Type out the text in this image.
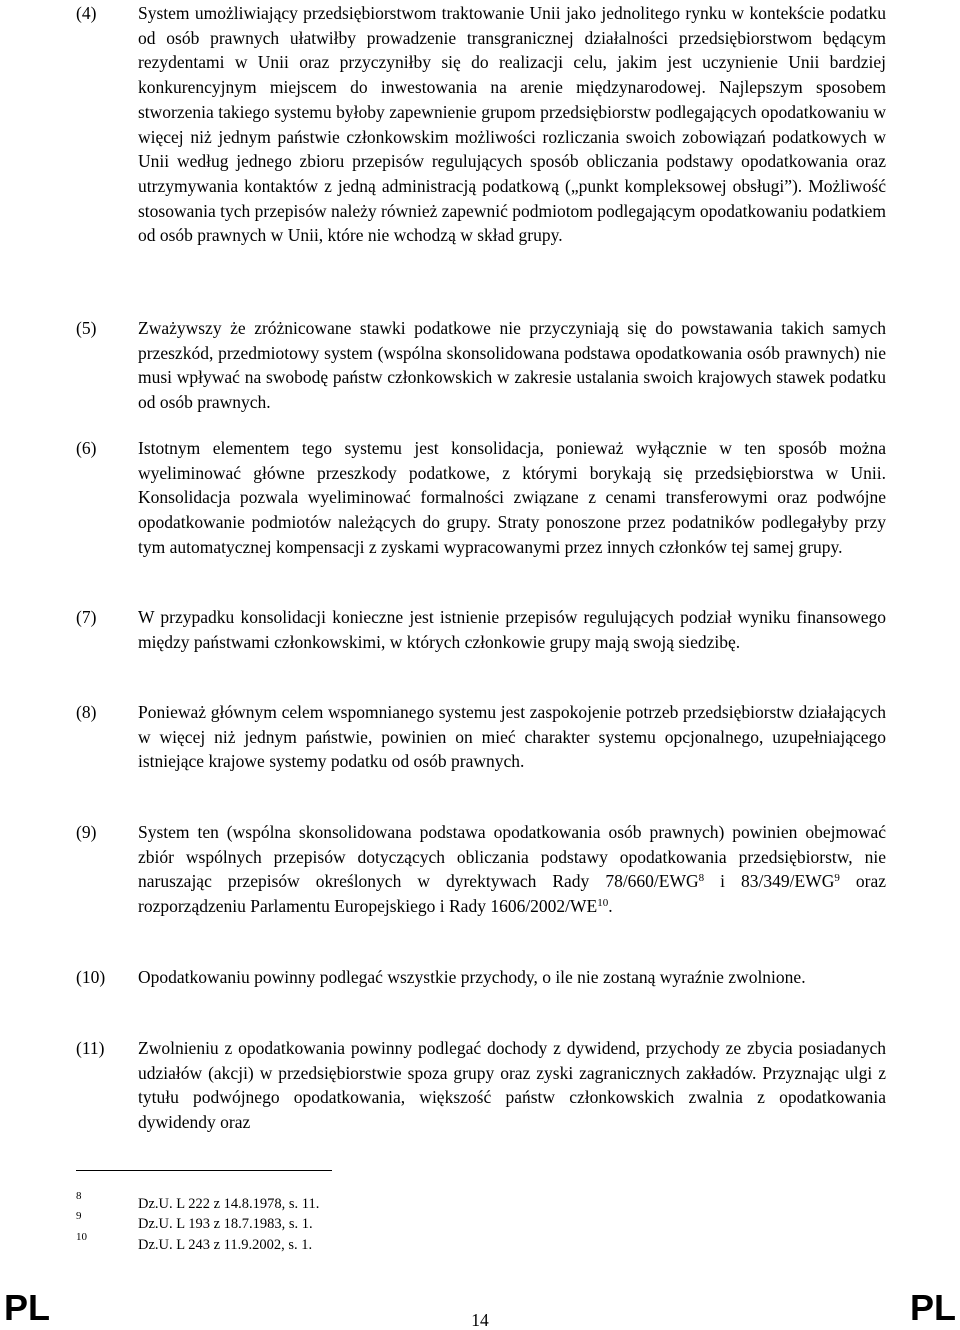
(4) System umożliwiający przedsiębiorstwom traktowanie Unii jako jednolitego rynku w kontekście podatku od osób prawnych ułatwiłby prowadzenie transgranicznej działalności przedsiębiorstwom będącym rezydentami w Unii oraz przyczyniłby się do realizacji celu, jakim jest uczynienie Unii bardziej konkurencyjnym miejscem do inwestowania na arenie międzynarodowej. Najlepszym sposobem stworzenia takiego systemu byłoby zapewnienie grupom przedsiębiorstw podlegających opodatkowaniu w więcej niż jednym państwie członkowskim możliwości rozliczania swoich zobowiązań podatkowych w Unii według jednego zbioru przepisów regulujących sposób obliczania podstawy opodatkowania oraz utrzymywania kontaktów z jedną administracją podatkową („punkt kompleksowej obsługi”). Możliwość stosowania tych przepisów należy również zapewnić podmiotom podlegającym opodatkowaniu podatkiem od osób prawnych w Unii, które nie wchodzą w skład grupy.
(5) Zważywszy że zróżnicowane stawki podatkowe nie przyczyniają się do powstawania takich samych przeszkód, przedmiotowy system (wspólna skonsolidowana podstawa opodatkowania osób prawnych) nie musi wpływać na swobodę państw członkowskich w zakresie ustalania swoich krajowych stawek podatku od osób prawnych.
(6) Istotnym elementem tego systemu jest konsolidacja, ponieważ wyłącznie w ten sposób można wyeliminować główne przeszkody podatkowe, z którymi borykają się przedsiębiorstwa w Unii. Konsolidacja pozwala wyeliminować formalności związane z cenami transferowymi oraz podwójne opodatkowanie podmiotów należących do grupy. Straty ponoszone przez podatników podlegałyby przy tym automatycznej kompensacji z zyskami wypracowanymi przez innych członków tej samej grupy.
(7) W przypadku konsolidacji konieczne jest istnienie przepisów regulujących podział wyniku finansowego między państwami członkowskimi, w których członkowie grupy mają swoją siedzibę.
(8) Ponieważ głównym celem wspomnianego systemu jest zaspokojenie potrzeb przedsiębiorstw działających w więcej niż jednym państwie, powinien on mieć charakter systemu opcjonalnego, uzupełniającego istniejące krajowe systemy podatku od osób prawnych.
(9) System ten (wspólna skonsolidowana podstawa opodatkowania osób prawnych) powinien obejmować zbiór wspólnych przepisów dotyczących obliczania podstawy opodatkowania przedsiębiorstw, nie naruszając przepisów określonych w dyrektywach Rady 78/660/EWG$^8$ i 83/349/EWG$^9$ oraz rozporządzeniu Parlamentu Europejskiego i Rady 1606/2002/WE$^{10}$.
(10) Opodatkowaniu powinny podlegać wszystkie przychody, o ile nie zostaną wyraźnie zwolnione.
(11) Zwolnieniu z opodatkowania powinny podlegać dochody z dywidend, przychody ze zbycia posiadanych udziałów (akcji) w przedsiębiorstwie spoza grupy oraz zyski zagranicznych zakładów. Przyznając ulgi z tytułu podwójnego opodatkowania, większość państw członkowskich zwalnia z opodatkowania dywidendy oraz
8	Dz.U. L 222 z 14.8.1978, s. 11.
9	Dz.U. L 193 z 18.7.1983, s. 1.
10	Dz.U. L 243 z 11.9.2002, s. 1.
PL	14	PL
